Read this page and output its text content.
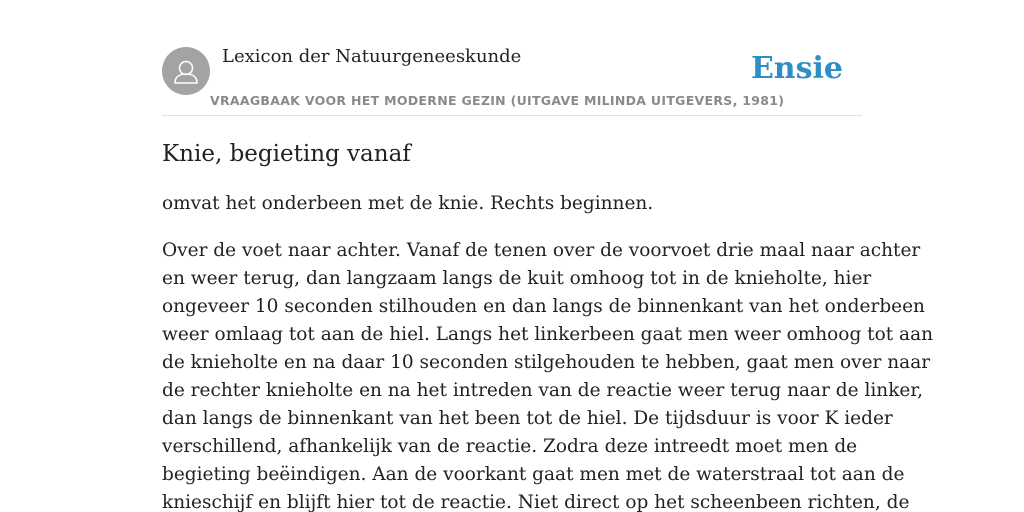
Lexicon der Natuurgeneeskunde
VRAAGBAAK VOOR HET MODERNE GEZIN (UITGAVE MILINDA UITGEVERS, 1981)
Ensie
Knie, begieting vanaf

omvat het onderbeen met de knie. Rechts beginnen.

Over de voet naar achter. Vanaf de tenen over de voorvoet drie maal naar achter
en weer terug, dan langzaam langs de kuit omhoog tot in de knieholte, hier
ongeveer 10 seconden stilhouden en dan langs de binnenkant van het onderbeen
weer omlaag tot aan de hiel. Langs het linkerbeen gaat men weer omhoog tot aan
de knieholte en na daar 10 seconden stilgehouden te hebben, gaat men over naar
de rechter knieholte en na het intreden van de reactie weer terug naar de linker,
dan langs de binnenkant van het been tot de hiel. De tijdsduur is voor K ieder
verschillend, afhankelijk van de reactie. Zodra deze intreedt moet men de
begieting beëindigen. Aan de voorkant gaat men met de waterstraal tot aan de
knieschijf en blijft hier tot de reactie. Niet direct op het scheenbeen richten, de
